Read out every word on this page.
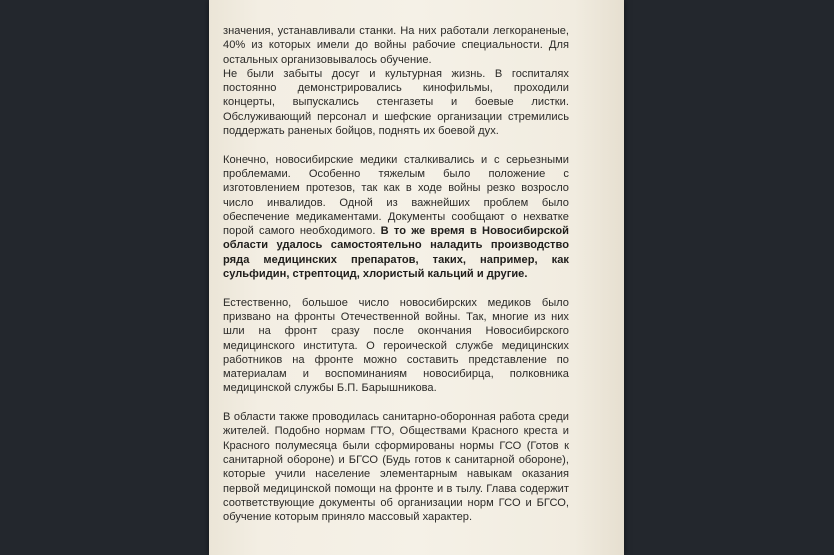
значения, устанавливали станки. На них работали легкораненые, 40% из которых имели до войны рабочие специальности. Для остальных организовывалось обучение.

Не были забыты досуг и культурная жизнь. В госпиталях постоянно демонстрировались кинофильмы, проходили концерты, выпускались стенгазеты и боевые листки. Обслуживающий персонал и шефские организации стремились поддержать раненых бойцов, поднять их боевой дух.

Конечно, новосибирские медики сталкивались и с серьезными проблемами. Особенно тяжелым было положение с изготовлением протезов, так как в ходе войны резко возросло число инвалидов. Одной из важнейших проблем было обеспечение медикаментами. Документы сообщают о нехватке порой самого необходимого. В то же время в Новосибирской области удалось самостоятельно наладить производство ряда медицинских препаратов, таких, например, как сульфидин, стрептоцид, хлористый кальций и другие.

Естественно, большое число новосибирских медиков было призвано на фронты Отечественной войны. Так, многие из них шли на фронт сразу после окончания Новосибирского медицинского института. О героической службе медицинских работников на фронте можно составить представление по материалам и воспоминаниям новосибирца, полковника медицинской службы Б.П. Барышникова.

В области также проводилась санитарно-оборонная работа среди жителей. Подобно нормам ГТО, Обществами Красного креста и Красного полумесяца были сформированы нормы ГСО (Готов к санитарной обороне) и БГСО (Будь готов к санитарной обороне), которые учили население элементарным навыкам оказания первой медицинской помощи на фронте и в тылу. Глава содержит соответствующие документы об организации норм ГСО и БГСО, обучение которым приняло массовый характер.
